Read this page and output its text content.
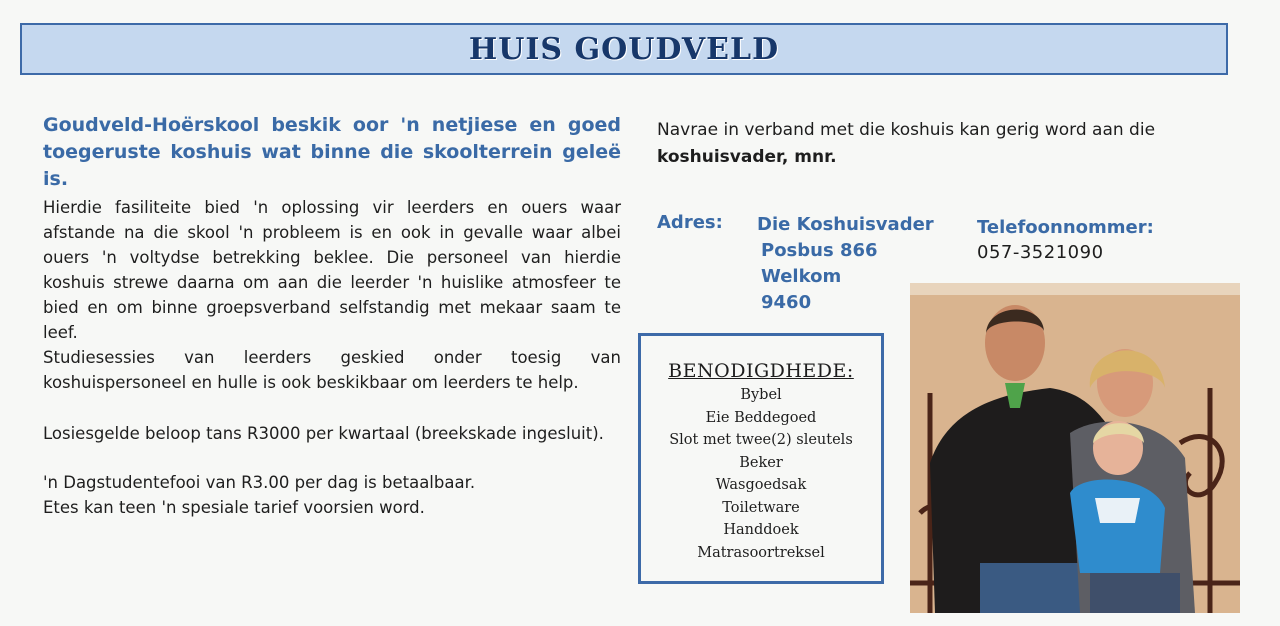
HUIS GOUDVELD
Goudveld-Hoërskool beskik oor 'n netjiese en goed
toegeruste koshuis wat binne die skoolterrein geleë is.
Hierdie fasiliteite bied 'n oplossing vir leerders en ouers waar afstande na die skool 'n probleem is en ook in gevalle waar albei ouers 'n voltydse betrekking beklee. Die personeel van hierdie koshuis strewe daarna om aan die leerder 'n huislike atmosfeer te bied en om binne groepsverband selfstandig met mekaar saam te leef.
Studiesessies van leerders geskied onder toesig van koshuispersoneel en hulle is ook beskikbaar om leerders te help.
Losiesgelde beloop tans R3000 per kwartaal (breekskade ingesluit).
'n Dagstudentefooi van R3.00 per dag is betaalbaar.
Etes kan teen 'n spesiale tarief voorsien word.
Navrae in verband met die koshuis kan gerig word aan die
koshuisvader, mnr.
Adres: Die Koshuisvader
Posbus 866
Welkom
9460
Telefoonnommer:
057-3521090
BENODIGDHEDE:
Bybel
Eie Beddegoed
Slot met twee(2) sleutels
Beker
Wasgoedsak
Toiletware
Handdoek
Matrasoortreksel
